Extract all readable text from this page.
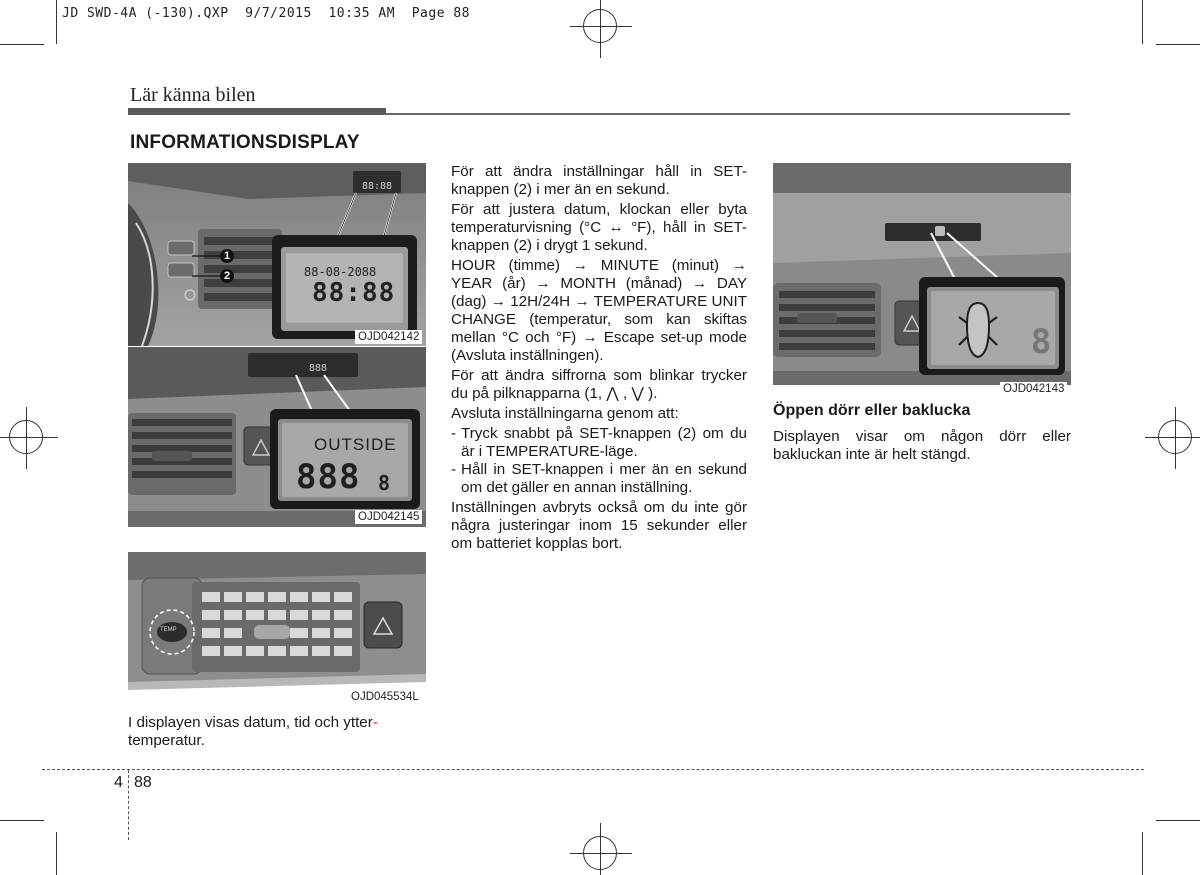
JD SWD-4A (-130).QXP  9/7/2015  10:35 AM  Page 88
Lär känna bilen
INFORMATIONSDISPLAY
88:88
1
2	88-08-2088
88:88
OJD042142
888
OUTSIDE
888 8
OJD042145
TEMP
OJD045534L
I displayen visas datum, tid och ytter-
temperatur.

För att ändra inställningar håll in SET-knappen (2) i mer än en sekund.

För att justera datum, klockan eller byta temperaturvisning (°C ↔ °F), håll in SET-knappen (2) i drygt 1 sekund.

HOUR (timme) → MINUTE (minut) → YEAR (år) → MONTH (månad) → DAY (dag) → 12H/24H → TEMPERATURE UNIT CHANGE (temperatur, som kan skiftas mellan °C och °F) → Escape set-up mode (Avsluta inställningen).

För att ändra siffrorna som blinkar trycker du på pilknapparna (1, ⋀ , ⋁ ).

Avsluta inställningarna genom att:

- Tryck snabbt på SET-knappen (2) om du är i TEMPERATURE-läge.
- Håll in SET-knappen i mer än en sekund om det gäller en annan inställning.

Inställningen avbryts också om du inte gör några justeringar inom 15 sekunder eller om batteriet kopplas bort.

8
OJD042143
Öppen dörr eller baklucka
Displayen visar om någon dörr eller bakluckan inte är helt stängd.
4 88
